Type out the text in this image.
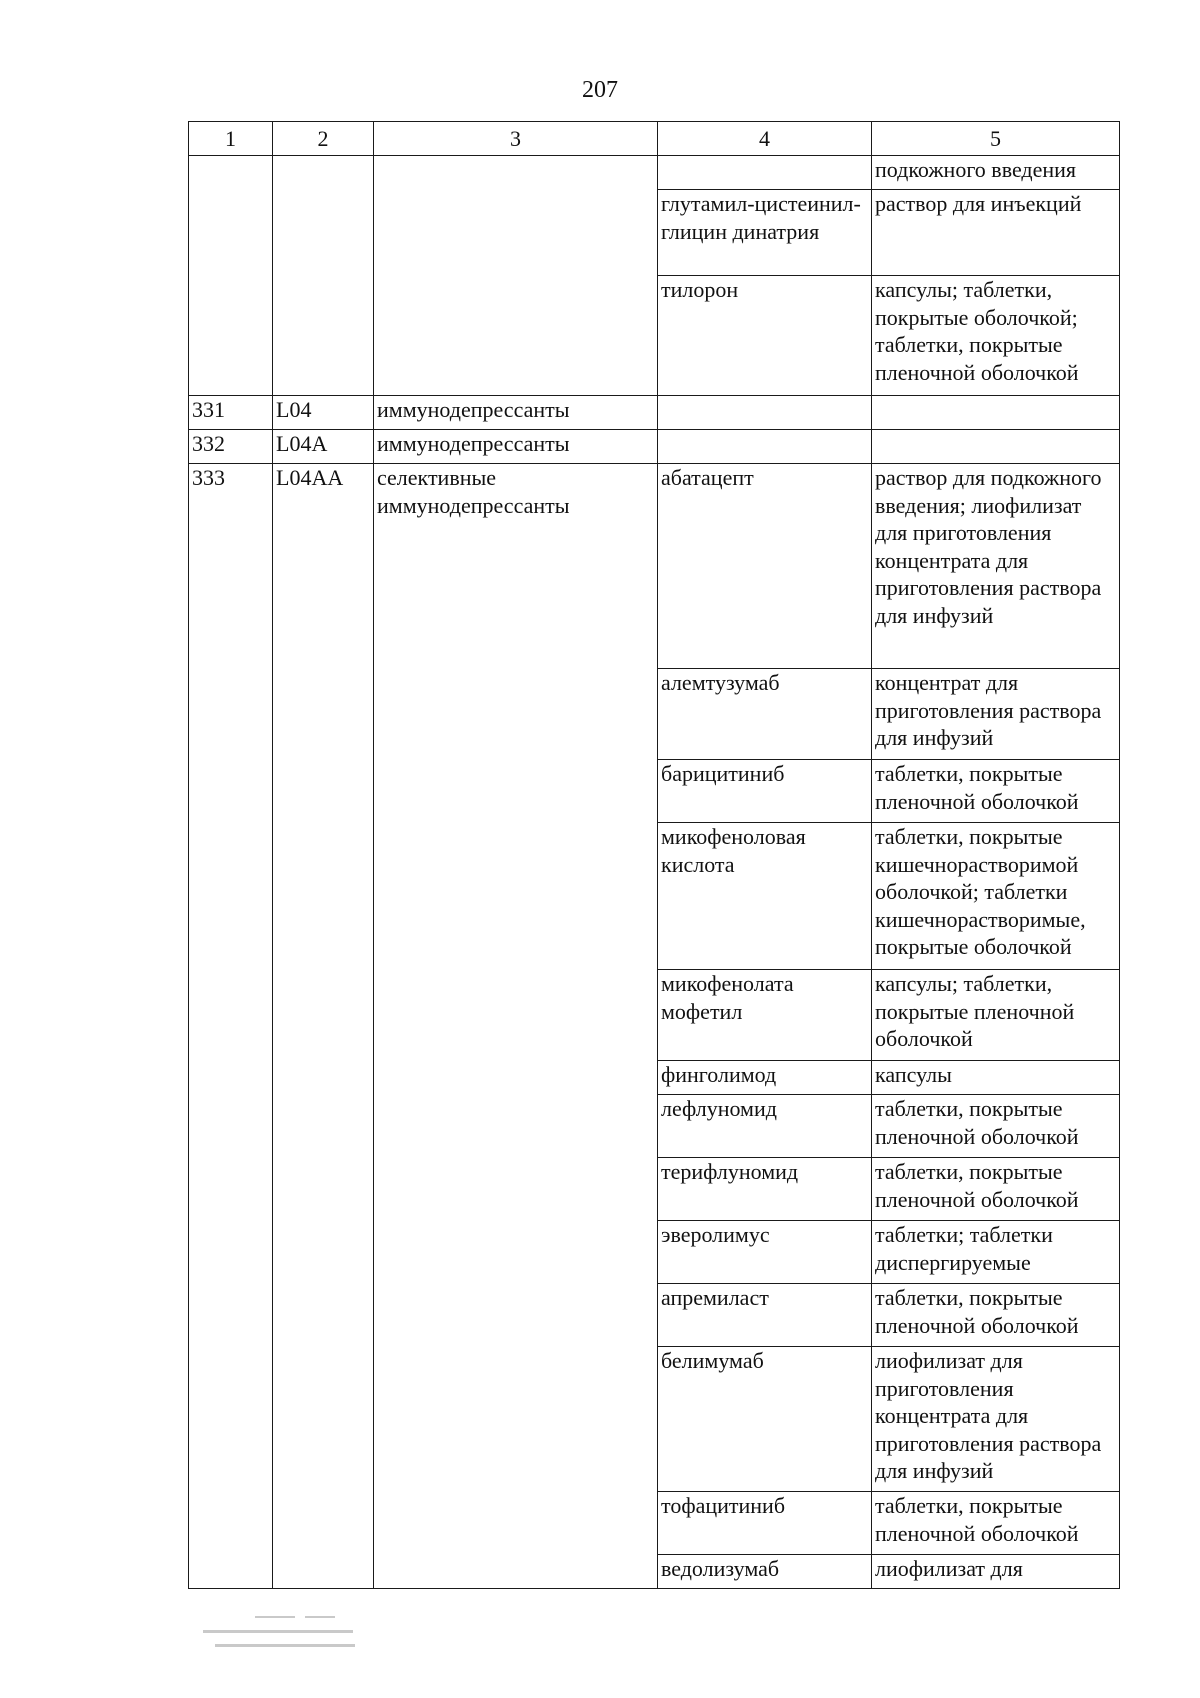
207
1	2	3	4	5
				подкожного введения
			глутамил-цистеинил-глицин динатрия	раствор для инъекций
			тилорон	капсулы; таблетки, покрытые оболочкой; таблетки, покрытые пленочной оболочкой
331	L04	иммунодепрессанты		
332	L04A	иммунодепрессанты		
333	L04AA	селективные иммунодепрессанты	абатацепт	раствор для подкожного введения; лиофилизат для приготовления концентрата для приготовления раствора для инфузий
			алемтузумаб	концентрат для приготовления раствора для инфузий
			барицитиниб	таблетки, покрытые пленочной оболочкой
			микофеноловая кислота	таблетки, покрытые кишечнорастворимой оболочкой; таблетки кишечнорастворимые, покрытые оболочкой
			микофенолата мофетил	капсулы; таблетки, покрытые пленочной оболочкой
			финголимод	капсулы
			лефлуномид	таблетки, покрытые пленочной оболочкой
			терифлуномид	таблетки, покрытые пленочной оболочкой
			эверолимус	таблетки; таблетки диспергируемые
			апремиласт	таблетки, покрытые пленочной оболочкой
			белимумаб	лиофилизат для приготовления концентрата для приготовления раствора для инфузий
			тофацитиниб	таблетки, покрытые пленочной оболочкой
			ведолизумаб	лиофилизат для
